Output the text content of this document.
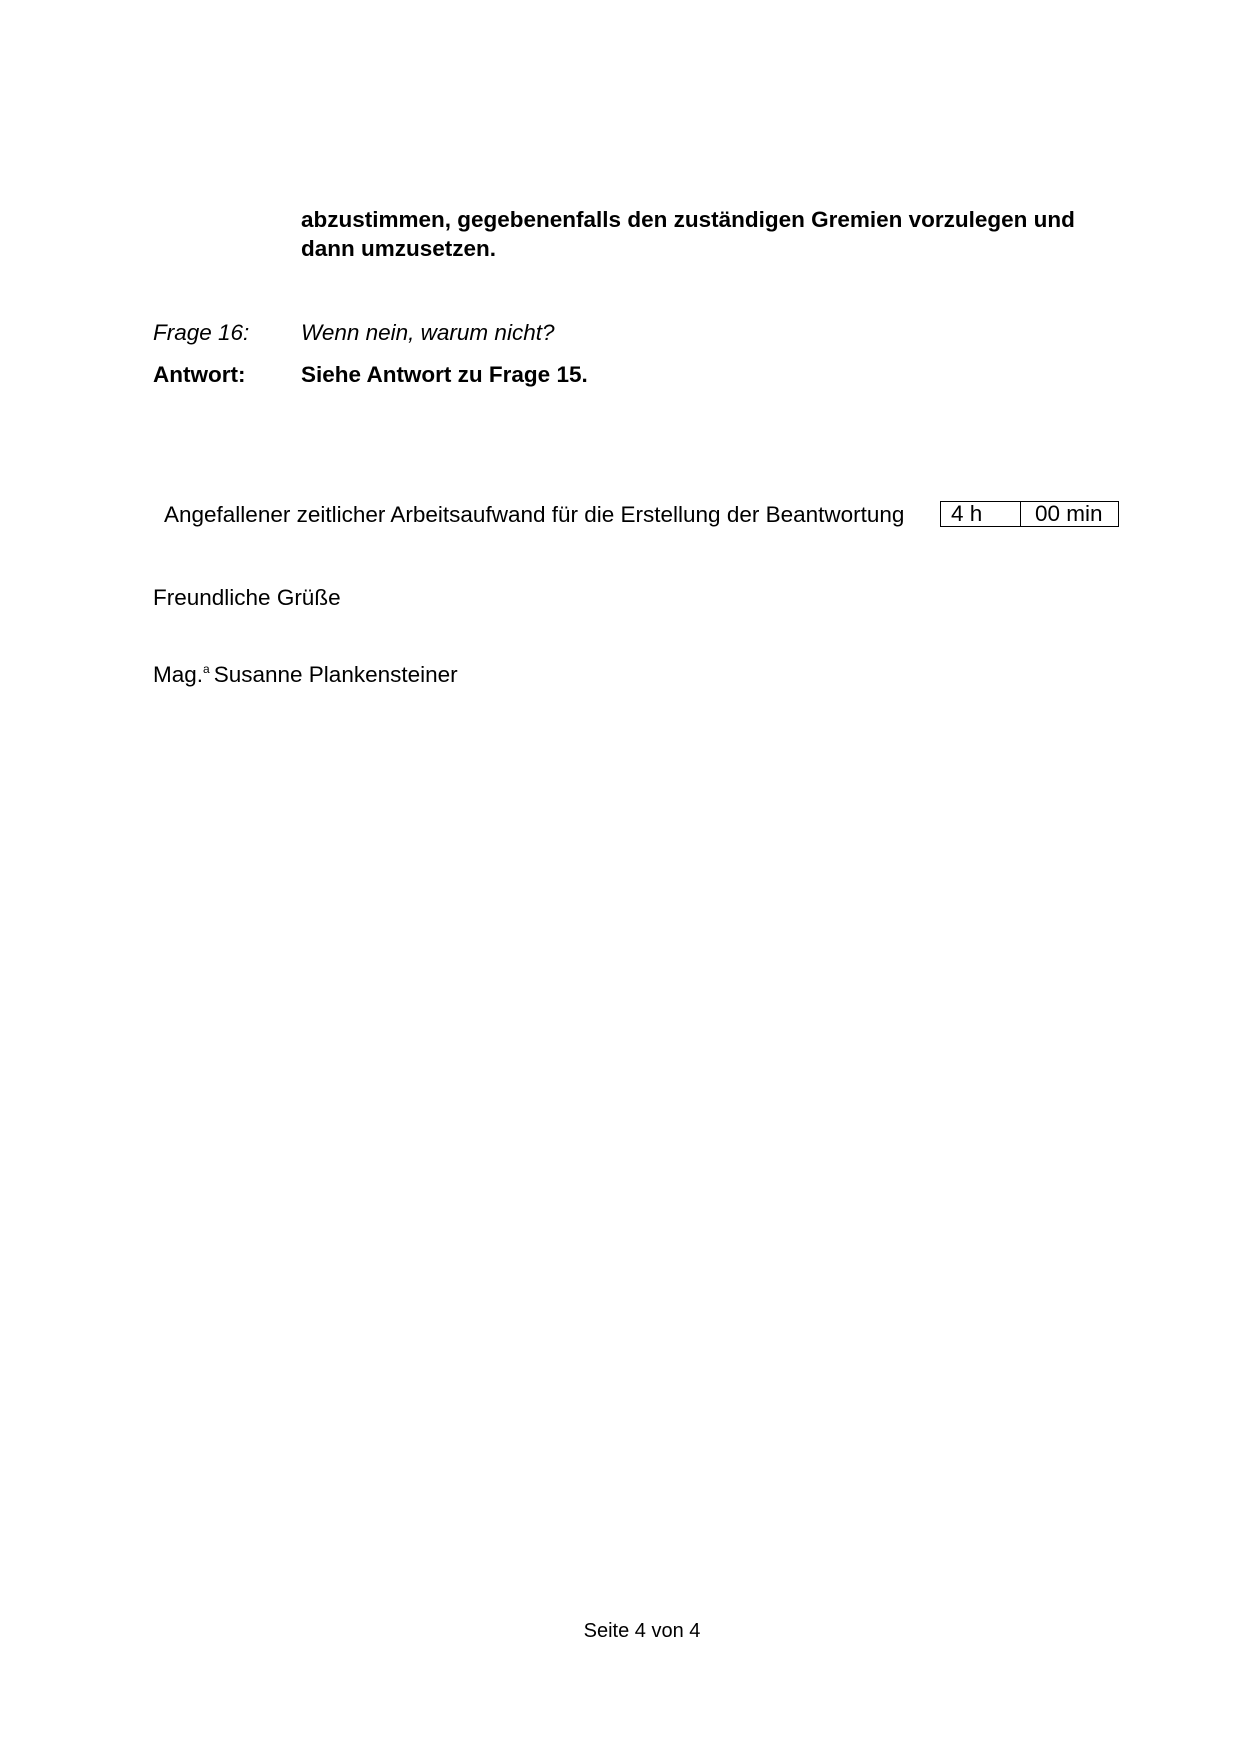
abzustimmen, gegebenenfalls den zuständigen Gremien vorzulegen und dann umzusetzen.
Frage 16: Wenn nein, warum nicht?
Antwort: Siehe Antwort zu Frage 15.
Angefallener zeitlicher Arbeitsaufwand für die Erstellung der Beantwortung	4 h	00 min
Freundliche Grüße
Mag.$^a$ Susanne Plankensteiner
Seite 4 von 4
